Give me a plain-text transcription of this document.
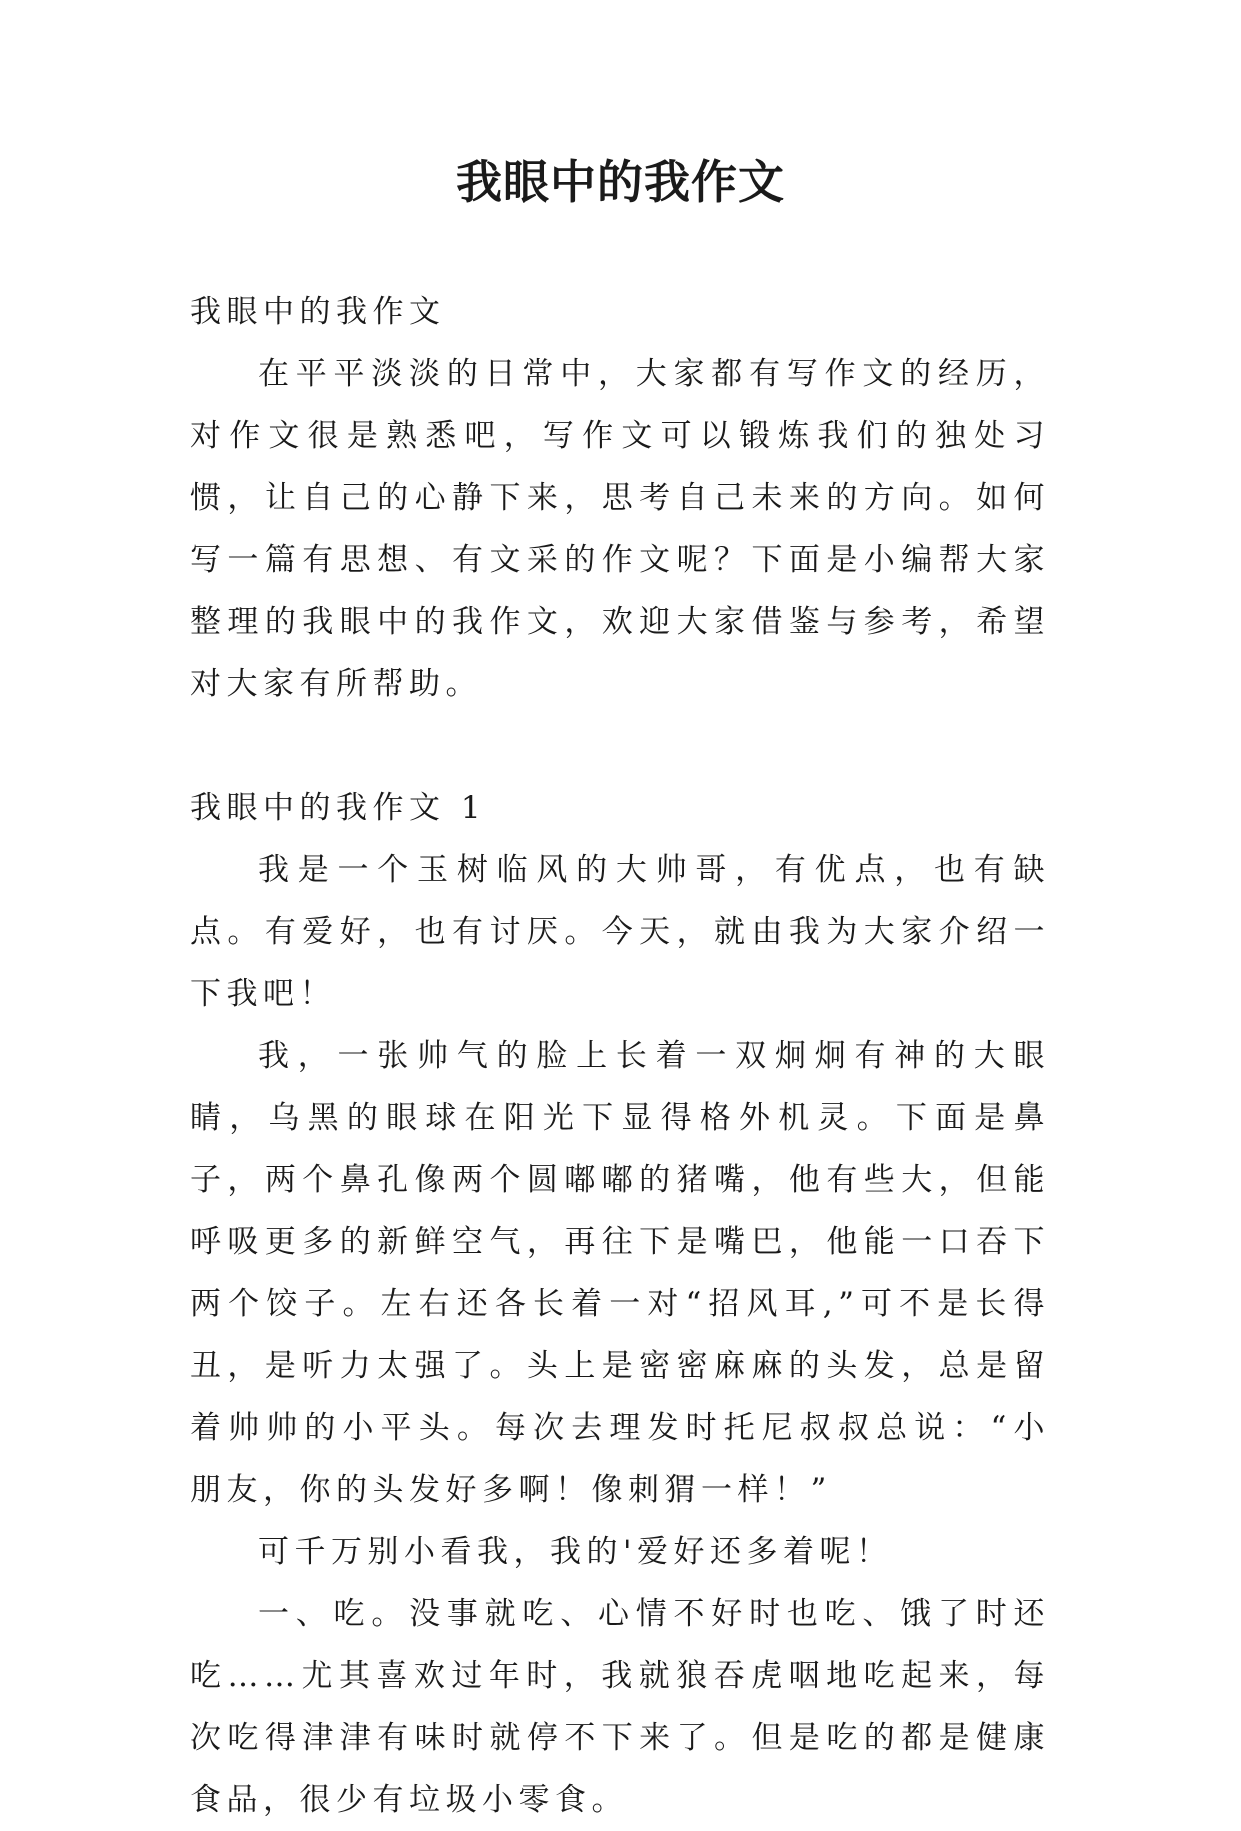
我眼中的我作文

我眼中的我作文

在平平淡淡的日常中，大家都有写作文的经历，对作文很是熟悉吧，写作文可以锻炼我们的独处习惯，让自己的心静下来，思考自己未来的方向。如何写一篇有思想、有文采的作文呢？下面是小编帮大家整理的我眼中的我作文，欢迎大家借鉴与参考，希望对大家有所帮助。

我眼中的我作文 1

我是一个玉树临风的大帅哥，有优点，也有缺点。有爱好，也有讨厌。今天，就由我为大家介绍一下我吧！

我，一张帅气的脸上长着一双炯炯有神的大眼睛，乌黑的眼球在阳光下显得格外机灵。下面是鼻子，两个鼻孔像两个圆嘟嘟的猪嘴，他有些大，但能呼吸更多的新鲜空气，再往下是嘴巴，他能一口吞下两个饺子。左右还各长着一对“招风耳,”可不是长得丑，是听力太强了。头上是密密麻麻的头发，总是留着帅帅的小平头。每次去理发时托尼叔叔总说：“小朋友，你的头发好多啊！像刺猬一样！”

可千万别小看我，我的'爱好还多着呢！

一、吃。没事就吃、心情不好时也吃、饿了时还吃……尤其喜欢过年时，我就狼吞虎咽地吃起来，每次吃得津津有味时就停不下来了。但是吃的都是健康食品，很少有垃圾小零食。
